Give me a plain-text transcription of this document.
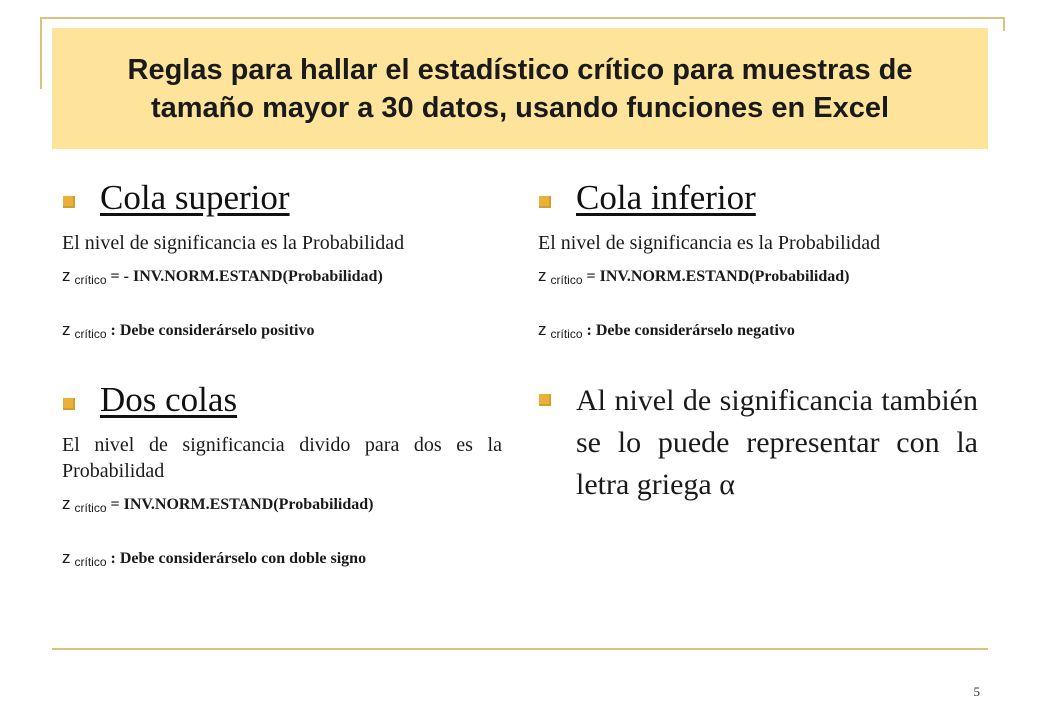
Reglas para hallar el estadístico crítico para muestras de tamaño mayor a 30 datos, usando funciones en Excel
Cola superior
El nivel de significancia es la Probabilidad
z crítico = - INV.NORM.ESTAND(Probabilidad)
z crítico : Debe considerárselo positivo
Dos colas
El nivel de significancia divido para dos es la Probabilidad
z crítico = INV.NORM.ESTAND(Probabilidad)
z crítico : Debe considerárselo con doble signo
Cola inferior
El nivel de significancia es la Probabilidad
z crítico = INV.NORM.ESTAND(Probabilidad)
z crítico : Debe considerárselo negativo
Al nivel de significancia también se lo puede representar con la letra griega α
5
